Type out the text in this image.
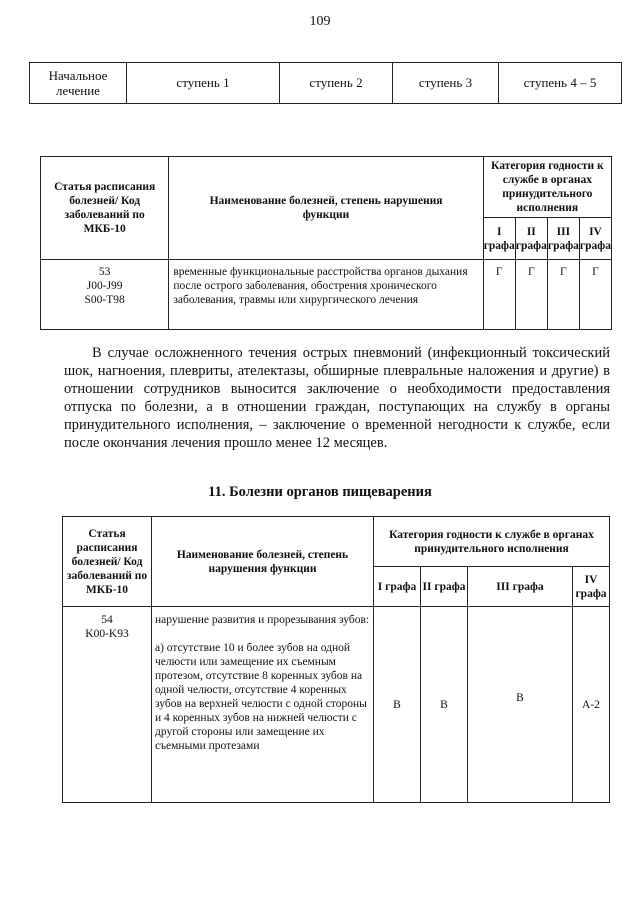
109
Начальное лечение	ступень 1	ступень 2	ступень 3	ступень 4 – 5
Статья расписания болезней/ Код заболеваний по МКБ-10	Наименование болезней, степень нарушения функции	Категория годности к службе в органах принудительного исполнения			
		I графа	II графа	III графа	IV графа

53
J00-J99
S00-T98	временные функциональные расстройства органов дыхания после острого заболевания, обострения хронического заболевания, травмы или хирургического лечения	Г	Г	Г	Г

В случае осложненного течения острых пневмоний (инфекционный токсический шок, нагноения, плевриты, ателектазы, обширные плевральные наложения и другие) в отношении сотрудников выносится заключение о необходимости предоставления отпуска по болезни, а в отношении граждан, поступающих на службу в органы принудительного исполнения, – заключение о временной негодности к службе, если после окончания лечения прошло менее 12 месяцев.

11. Болезни органов пищеварения
Статья расписания болезней/ Код заболеваний по МКБ-10	Наименование болезней, степень нарушения функции	Категория годности к службе в органах принудительного исполнения			
		I графа	II графа	III графа	IV графа

54
K00-K93	нарушение развития и прорезывания зубов:
а) отсутствие 10 и более зубов на одной челюсти или замещение их съемным протезом, отсутствие 8 коренных зубов на одной челюсти, отсутствие 4 коренных зубов на верхней челюсти с одной стороны и 4 коренных зубов на нижней челюсти с другой стороны или замещение их съемными протезами	В	В	В	А-2
